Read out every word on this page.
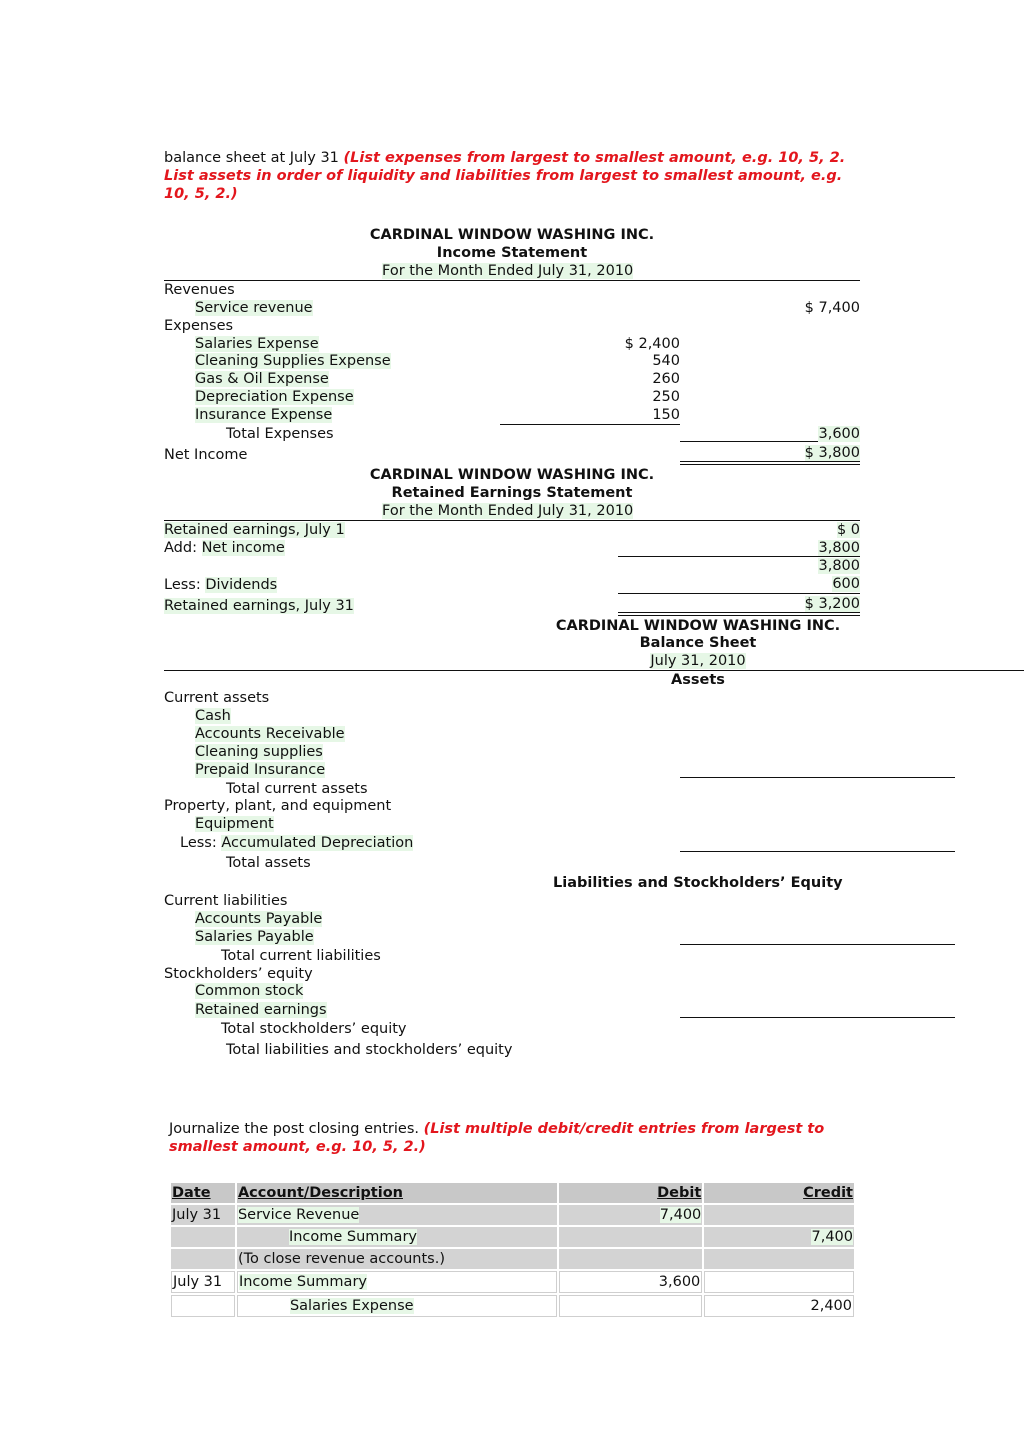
balance sheet at July 31 (List expenses from largest to smallest amount, e.g. 10, 5, 2. List assets in order of liquidity and liabilities from largest to smallest amount, e.g. 10, 5, 2.)
CARDINAL WINDOW WASHING INC.
Income Statement
For the Month Ended July 31, 2010
Revenues
Service revenue	$ 7,400
Expenses
Salaries Expense	$ 2,400
Cleaning Supplies Expense	540
Gas & Oil Expense	260
Depreciation Expense	250
Insurance Expense	150
Total Expenses	3,600
Net Income	$ 3,800
CARDINAL WINDOW WASHING INC.
Retained Earnings Statement
For the Month Ended July 31, 2010
Retained earnings, July 1	$ 0
Add: Net income	3,800
3,800
Less: Dividends	600
Retained earnings, July 31	$ 3,200
CARDINAL WINDOW WASHING INC.
Balance Sheet
July 31, 2010
Assets
Current assets
Cash
Accounts Receivable
Cleaning supplies
Prepaid Insurance
Total current assets
Property, plant, and equipment
Equipment
Less: Accumulated Depreciation
Total assets
Liabilities and Stockholders’ Equity
Current liabilities
Accounts Payable
Salaries Payable
Total current liabilities
Stockholders’ equity
Common stock
Retained earnings
Total stockholders’ equity
Total liabilities and stockholders’ equity
Journalize the post closing entries. (List multiple debit/credit entries from largest to smallest amount, e.g. 10, 5, 2.)
Date	Account/Description	Debit	Credit
July 31	Service Revenue	7,400	
	Income Summary		7,400
	(To close revenue accounts.)		
July 31	Income Summary	3,600	
	Salaries Expense		2,400
